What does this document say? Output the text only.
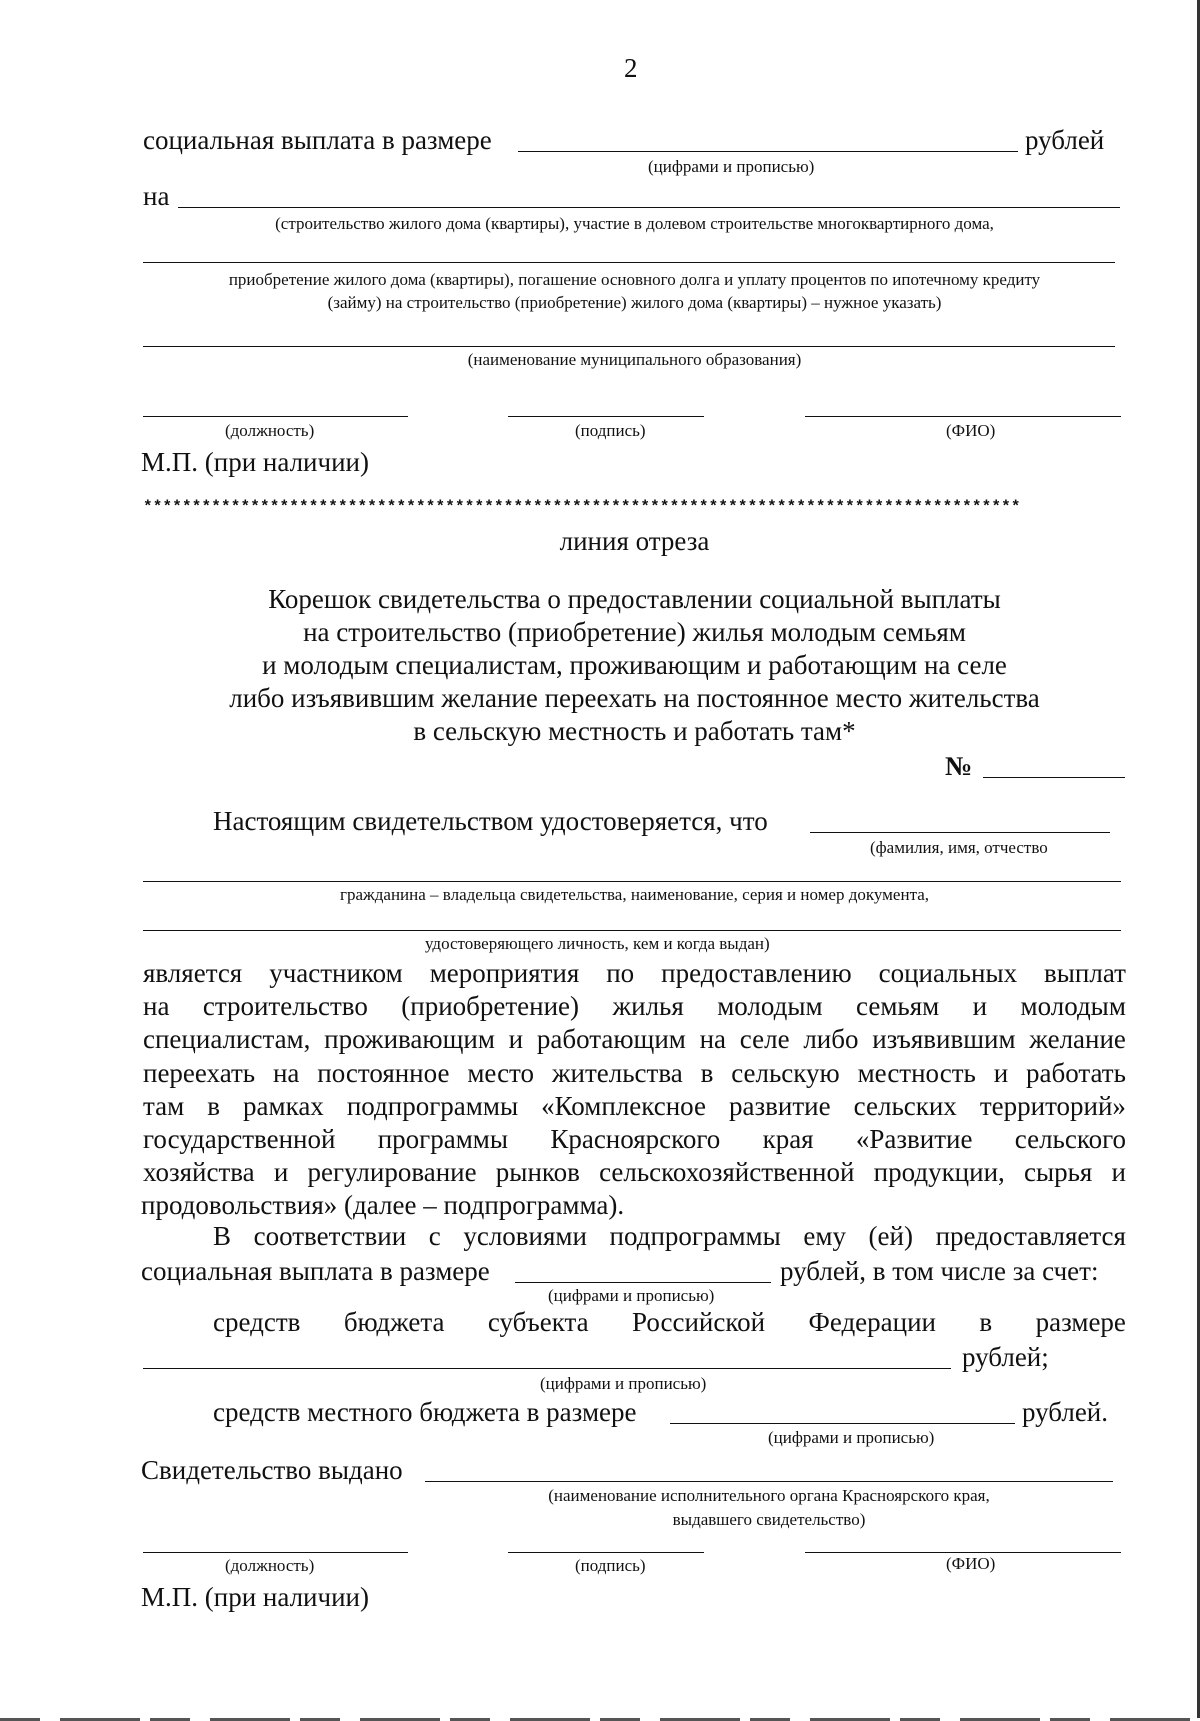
2
социальная выплата в размере	рублей
(цифрами и прописью)
на
(строительство жилого дома (квартиры), участие в долевом строительстве многоквартирного дома,
приобретение жилого дома (квартиры), погашение основного долга и уплату процентов по ипотечному кредиту
(займу) на строительство (приобретение) жилого дома (квартиры) – нужное указать)
(наименование муниципального образования)
(должность)	(подпись)	(ФИО)
М.П. (при наличии)
******************************************************************************************
линия отреза
Корешок свидетельства о предоставлении социальной выплаты
на строительство (приобретение) жилья молодым семьям
и молодым специалистам, проживающим и работающим на селе
либо изъявившим желание переехать на постоянное место жительства
в сельскую местность и работать там*
№
Настоящим свидетельством удостоверяется, что
(фамилия, имя, отчество
гражданина – владельца свидетельства, наименование, серия и номер документа,
удостоверяющего личность, кем и когда выдан)
является участником мероприятия по предоставлению социальных выплат
на строительство (приобретение) жилья молодым семьям и молодым
специалистам, проживающим и работающим на селе либо изъявившим желание
переехать на постоянное место жительства в сельскую местность и работать
там в рамках подпрограммы «Комплексное развитие сельских территорий»
государственной программы Красноярского края «Развитие сельского
хозяйства и регулирование рынков сельскохозяйственной продукции, сырья и
продовольствия» (далее – подпрограмма).
В соответствии с условиями подпрограммы ему (ей) предоставляется
социальная выплата в размере	рублей, в том числе за счет:
(цифрами и прописью)
средств бюджета субъекта Российской Федерации в размере
рублей;
(цифрами и прописью)
средств местного бюджета в размере	рублей.
(цифрами и прописью)
Свидетельство выдано
(наименование исполнительного органа Красноярского края,
выдавшего свидетельство)
(должность)	(подпись)	(ФИО)
М.П. (при наличии)
